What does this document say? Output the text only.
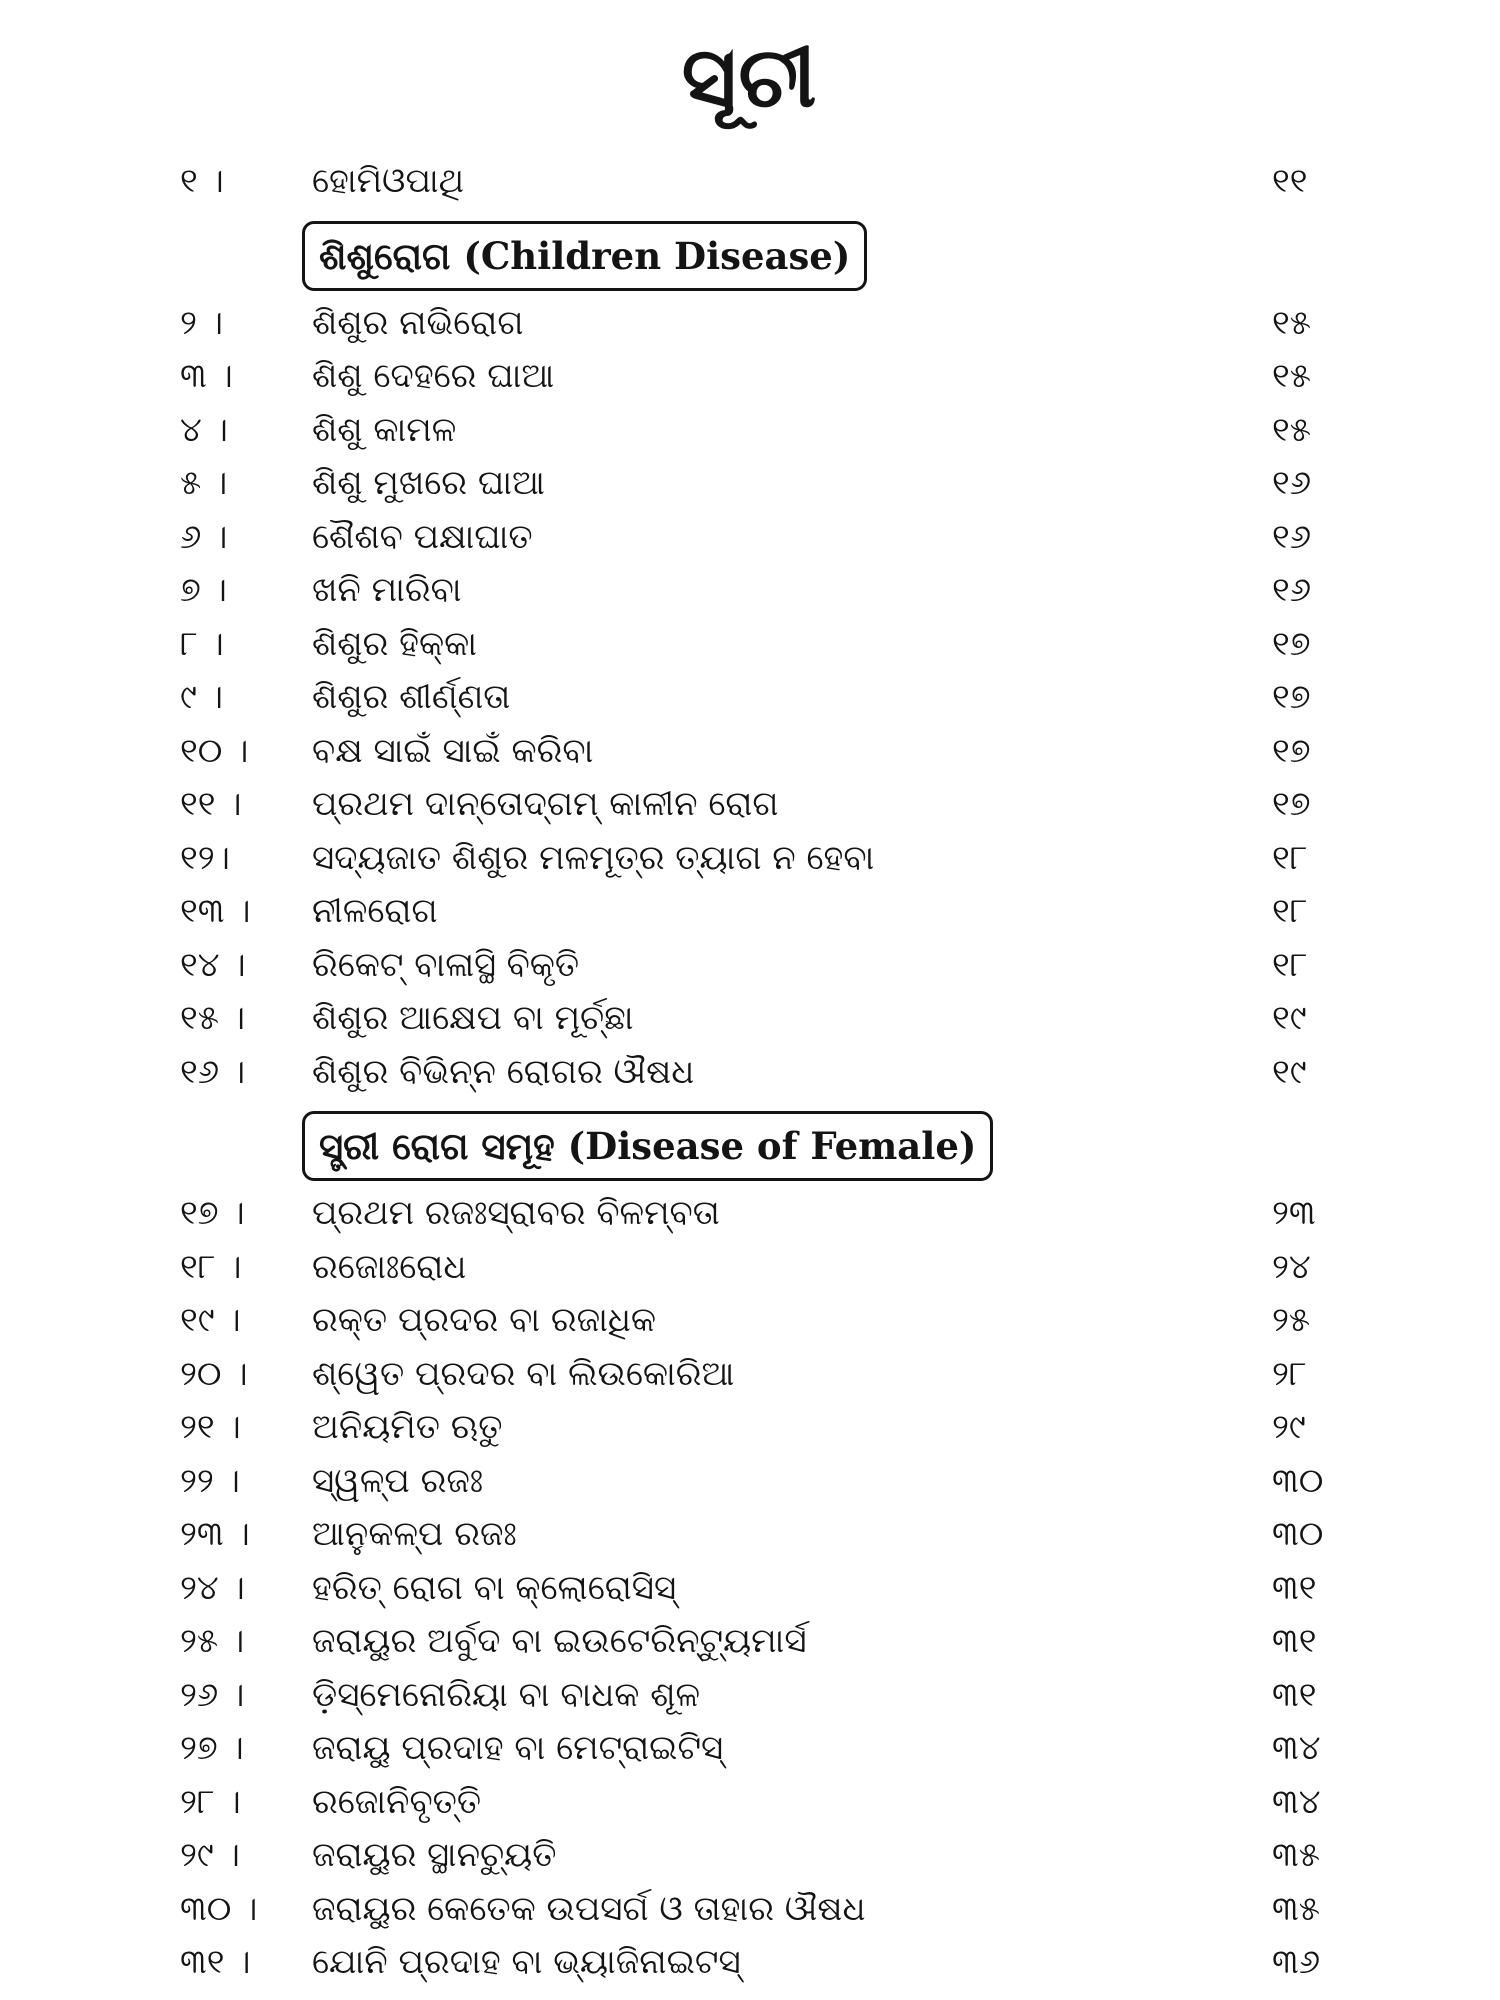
ସୂଚୀ
୧ ।	ହୋମିଓପାଥି	୧୧
ଶିଶୁରୋଗ (Children Disease)
୨ ।	ଶିଶୁର ନାଭିରୋଗ	୧୫
୩ ।	ଶିଶୁ ଦେହରେ ଘାଆ	୧୫
୪ ।	ଶିଶୁ କାମଳ	୧୫
୫ ।	ଶିଶୁ ମୁଖରେ ଘାଆ	୧୬
୬ ।	ଶୈଶବ ପକ୍ଷାଘାତ	୧୬
୭ ।	ଖନି ମାରିବା	୧୬
୮ ।	ଶିଶୁର ହିକ୍କା	୧୭
୯ ।	ଶିଶୁର ଶୀର୍ଣ୍ଣତା	୧୭
୧୦ ।	ବକ୍ଷ ସାଇଁ ସାଇଁ କରିବା	୧୭
୧୧ ।	ପ୍ରଥମ ଦାନ୍ତୋଦ୍‌ଗମ୍ କାଳୀନ ରୋଗ	୧୭
୧୨।	ସଦ୍ୟଜାତ ଶିଶୁର ମଳମୂତ୍ର ତ୍ୟାଗ ନ ହେବା	୧୮
୧୩ ।	ନୀଳରୋଗ	୧୮
୧୪ ।	ରିକେଟ୍ ବାଳାସ୍ଥି ବିକୃତି	୧୮
୧୫ ।	ଶିଶୁର ଆକ୍ଷେପ ବା ମୂର୍ଚ୍ଛା	୧୯
୧୬ ।	ଶିଶୁର ବିଭିନ୍ନ ରୋଗର ଔଷଧ	୧୯
ସ୍ତ୍ରୀ ରୋଗ ସମୂହ (Disease of Female)
୧୭ ।	ପ୍ରଥମ ରଜଃସ୍ରାବର ବିଳମ୍ବତା	୨୩
୧୮ ।	ରଜୋଃରୋଧ	୨୪
୧୯ ।	ରକ୍ତ ପ୍ରଦର ବା ରଜାଧିକ	୨୫
୨୦ ।	ଶ୍ୱେତ ପ୍ରଦର ବା ଲିଉକୋରିଆ	୨୮
୨୧ ।	ଅନିୟମିତ ଋତୁ	୨୯
୨୨ ।	ସ୍ୱଳ୍ପ ରଜଃ	୩୦
୨୩ ।	ଆନୁକଳ୍ପ ରଜଃ	୩୦
୨୪ ।	ହରିତ୍ ରୋଗ ବା କ୍ଲୋରୋସିସ୍	୩୧
୨୫ ।	ଜରାୟୁର ଅର୍ବୁଦ ବା ଇଉଟେରିନ୍‌ଟ୍ୟୁମାର୍ସ	୩୧
୨୬ ।	ଡ଼ିସ୍‌ମେନୋରିୟା ବା ବାଧକ ଶୂଳ	୩୧
୨୭ ।	ଜରାୟୁ ପ୍ରଦାହ ବା ମେଟ୍ରାଇଟିସ୍	୩୪
୨୮ ।	ରଜୋନିବୃତ୍ତି	୩୪
୨୯ ।	ଜରାୟୁର ସ୍ଥାନଚ୍ୟୁତି	୩୫
୩୦ ।	ଜରାୟୁର କେତେକ ଉପସର୍ଗ ଓ ତାହାର ଔଷଧ	୩୫
୩୧ ।	ଯୋନି ପ୍ରଦାହ ବା ଭ୍ୟାଜିନାଇଟସ୍	୩୬
